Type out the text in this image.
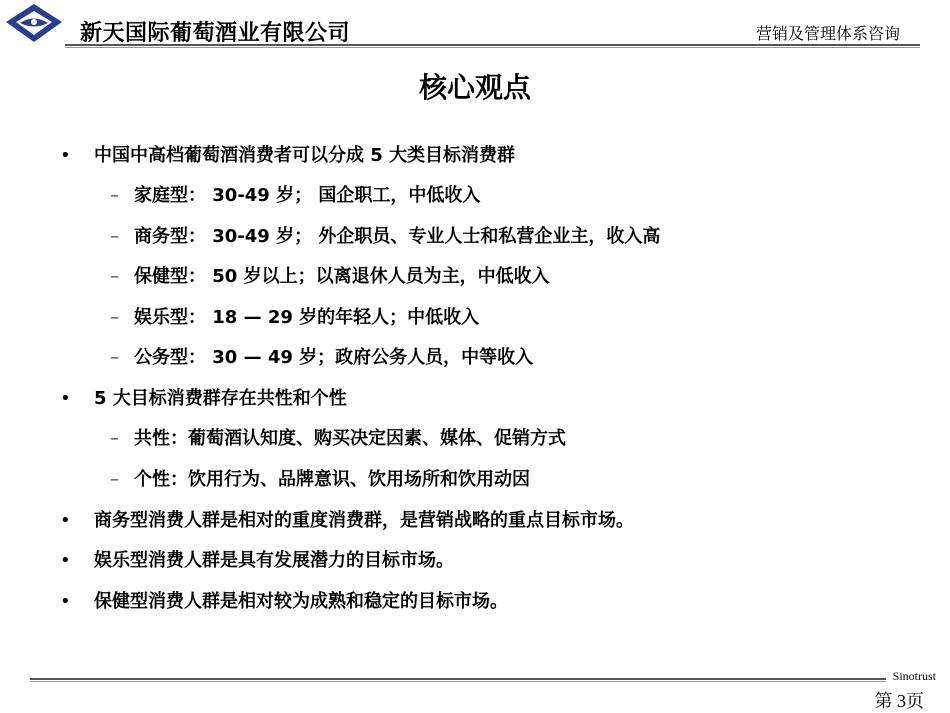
新天国际葡萄酒业有限公司	营销及管理体系咨询
核心观点
• 中国中高档葡萄酒消费者可以分成 5 大类目标消费群
– 家庭型： 30-49 岁； 国企职工，中低收入
– 商务型： 30-49 岁； 外企职员、专业人士和私营企业主，收入高
– 保健型： 50 岁以上；以离退休人员为主，中低收入
– 娱乐型： 18 — 29 岁的年轻人；中低收入
– 公务型： 30 — 49 岁；政府公务人员，中等收入
• 5 大目标消费群存在共性和个性
– 共性：葡萄酒认知度、购买决定因素、媒体、促销方式
– 个性：饮用行为、品牌意识、饮用场所和饮用动因
• 商务型消费人群是相对的重度消费群，是营销战略的重点目标市场。
• 娱乐型消费人群是具有发展潜力的目标市场。
• 保健型消费人群是相对较为成熟和稳定的目标市场。
Sinotrust
第 3页
